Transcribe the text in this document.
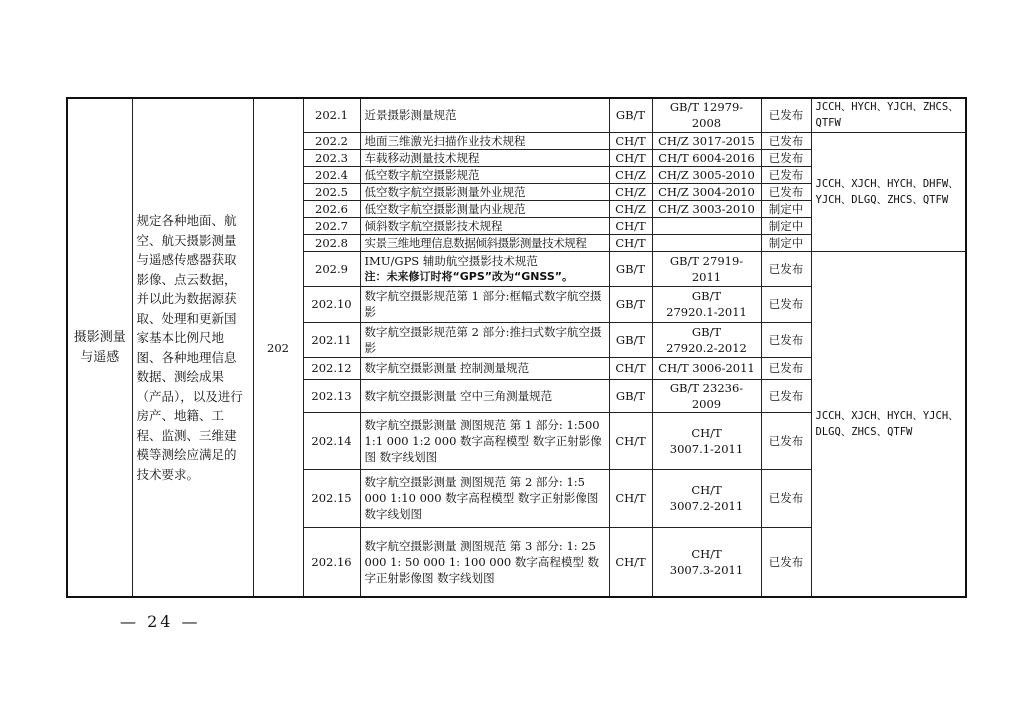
摄影测量与遥感	规定各种地面、航空、航天摄影测量与遥感传感器获取影像、点云数据，并以此为数据源获取、处理和更新国家基本比例尺地图、各种地理信息数据、测绘成果（产品），以及进行房产、地籍、工程、监测、三维建模等测绘应满足的技术要求。	202	202.1	近景摄影测量规范	GB/T	GB/T 12979-2008	已发布	JCCH、HYCH、YJCH、ZHCS、QTFW
			202.2	地面三维激光扫描作业技术规程	CH/T	CH/Z 3017-2015	已发布	JCCH、XJCH、HYCH、DHFW、YJCH、DLGQ、ZHCS、QTFW
			202.3	车载移动测量技术规程	CH/T	CH/T 6004-2016	已发布	
			202.4	低空数字航空摄影规范	CH/Z	CH/Z 3005-2010	已发布	
			202.5	低空数字航空摄影测量外业规范	CH/Z	CH/Z 3004-2010	已发布	
			202.6	低空数字航空摄影测量内业规范	CH/Z	CH/Z 3003-2010	制定中	
			202.7	倾斜数字航空摄影技术规程	CH/T		制定中	
			202.8	实景三维地理信息数据倾斜摄影测量技术规程	CH/T		制定中	
			202.9	IMU/GPS 辅助航空摄影技术规范
注：未来修订时将“GPS”改为“GNSS”。	GB/T	GB/T 27919-2011	已发布	JCCH、XJCH、HYCH、YJCH、DLGQ、ZHCS、QTFW
			202.10	数字航空摄影规范第 1 部分:框幅式数字航空摄影	GB/T	GB/T
27920.1-2011	已发布	
			202.11	数字航空摄影规范第 2 部分:推扫式数字航空摄影	GB/T	GB/T
27920.2-2012	已发布	
			202.12	数字航空摄影测量 控制测量规范	CH/T	CH/T 3006-2011	已发布	
			202.13	数字航空摄影测量 空中三角测量规范	GB/T	GB/T 23236-2009	已发布	
			202.14	数字航空摄影测量 测图规范 第 1 部分: 1:500 1:1 000 1:2 000 数字高程模型 数字正射影像图 数字线划图	CH/T	CH/T
3007.1-2011	已发布	
			202.15	数字航空摄影测量 测图规范 第 2 部分: 1:5 000 1:10 000 数字高程模型 数字正射影像图 数字线划图	CH/T	CH/T
3007.2-2011	已发布	
			202.16	数字航空摄影测量 测图规范 第 3 部分: 1: 25 000 1: 50 000 1: 100 000 数字高程模型 数字正射影像图 数字线划图	CH/T	CH/T
3007.3-2011	已发布	
— 24 —
